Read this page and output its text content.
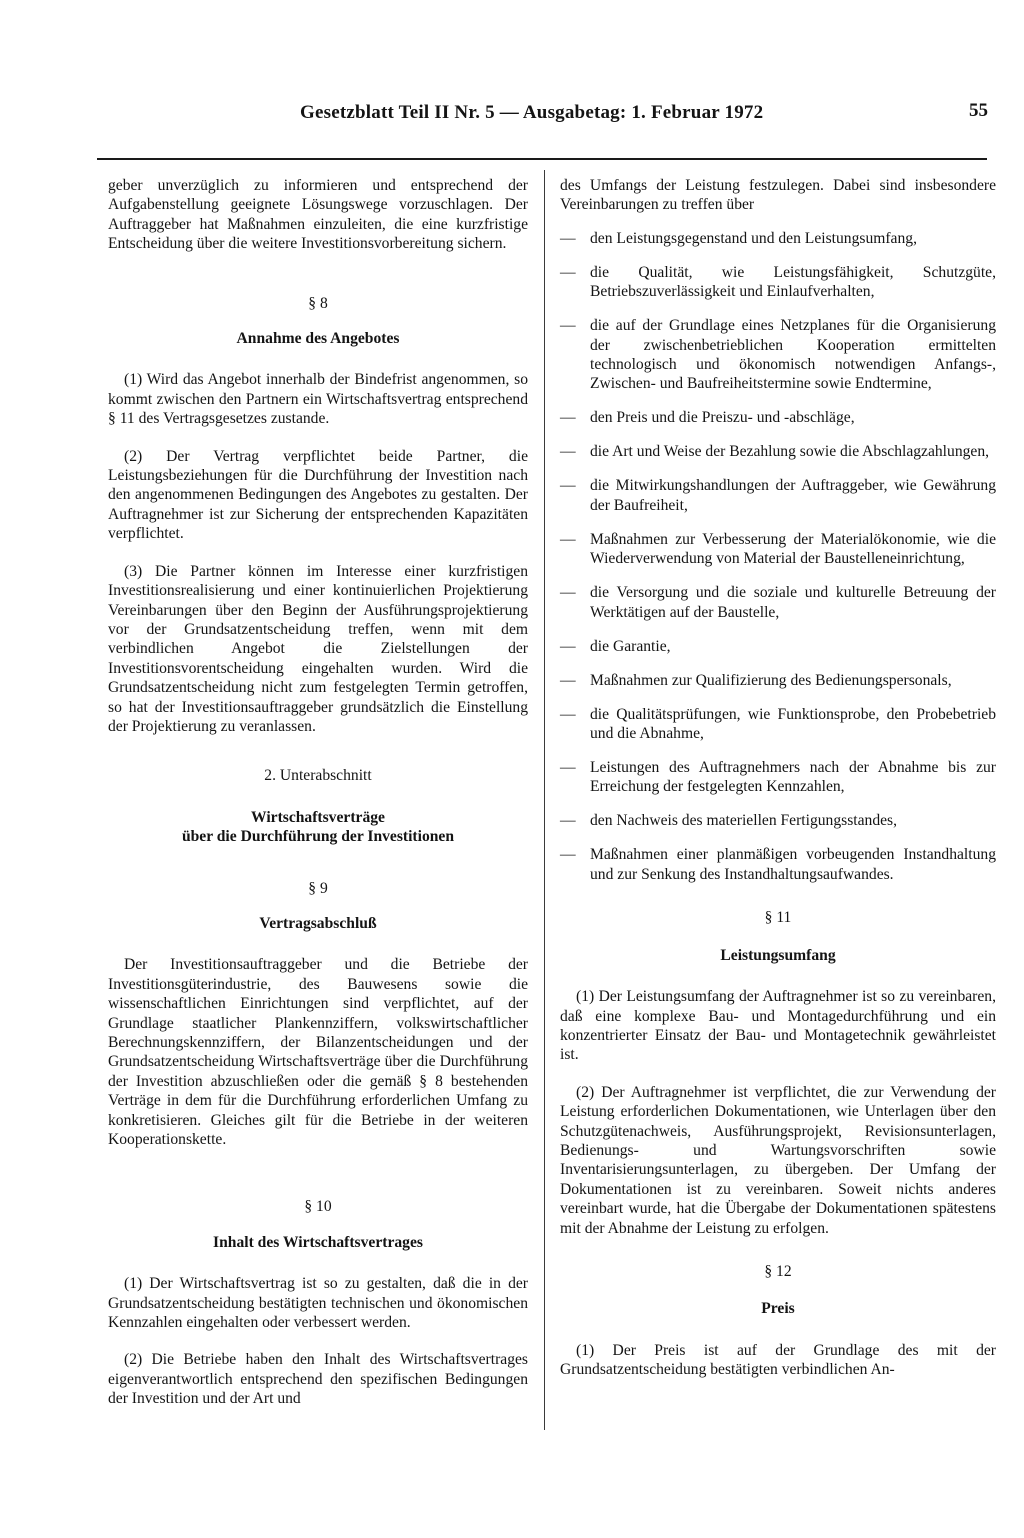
Gesetzblatt Teil II Nr. 5 — Ausgabetag: 1. Februar 1972	55

geber unverzüglich zu informieren und entsprechend der Aufgabenstellung geeignete Lösungswege vorzuschlagen. Der Auftraggeber hat Maßnahmen einzuleiten, die eine kurzfristige Entscheidung über die weitere Investitionsvorbereitung sichern.

§ 8

Annahme des Angebotes

(1) Wird das Angebot innerhalb der Bindefrist angenommen, so kommt zwischen den Partnern ein Wirtschaftsvertrag entsprechend § 11 des Vertragsgesetzes zustande.

(2) Der Vertrag verpflichtet beide Partner, die Leistungsbeziehungen für die Durchführung der Investition nach den angenommenen Bedingungen des Angebotes zu gestalten. Der Auftragnehmer ist zur Sicherung der entsprechenden Kapazitäten verpflichtet.

(3) Die Partner können im Interesse einer kurzfristigen Investitionsrealisierung und einer kontinuierlichen Projektierung Vereinbarungen über den Beginn der Ausführungsprojektierung vor der Grundsatzentscheidung treffen, wenn mit dem verbindlichen Angebot die Zielstellungen der Investitionsvorentscheidung eingehalten wurden. Wird die Grundsatzentscheidung nicht zum festgelegten Termin getroffen, so hat der Investitionsauftraggeber grundsätzlich die Einstellung der Projektierung zu veranlassen.

2. Unterabschnitt

Wirtschaftsverträge

über die Durchführung der Investitionen

§ 9

Vertragsabschluß

Der Investitionsauftraggeber und die Betriebe der Investitionsgüterindustrie, des Bauwesens sowie die wissenschaftlichen Einrichtungen sind verpflichtet, auf der Grundlage staatlicher Plankennziffern, volkswirtschaftlicher Berechnungskennziffern, der Bilanzentscheidungen und der Grundsatzentscheidung Wirtschaftsverträge über die Durchführung der Investition abzuschließen oder die gemäß § 8 bestehenden Verträge in dem für die Durchführung erforderlichen Umfang zu konkretisieren. Gleiches gilt für die Betriebe in der weiteren Kooperationskette.

§ 10

Inhalt des Wirtschaftsvertrages

(1) Der Wirtschaftsvertrag ist so zu gestalten, daß die in der Grundsatzentscheidung bestätigten technischen und ökonomischen Kennzahlen eingehalten oder verbessert werden.

(2) Die Betriebe haben den Inhalt des Wirtschaftsvertrages eigenverantwortlich entsprechend den spezifischen Bedingungen der Investition und der Art und

des Umfangs der Leistung festzulegen. Dabei sind insbesondere Vereinbarungen zu treffen über

— den Leistungsgegenstand und den Leistungsumfang,
— die Qualität, wie Leistungsfähigkeit, Schutzgüte, Betriebszuverlässigkeit und Einlaufverhalten,
— die auf der Grundlage eines Netzplanes für die Organisierung der zwischenbetrieblichen Kooperation ermittelten technologisch und ökonomisch notwendigen Anfangs-, Zwischen- und Baufreiheitstermine sowie Endtermine,
— den Preis und die Preiszu- und -abschläge,
— die Art und Weise der Bezahlung sowie die Abschlagzahlungen,
— die Mitwirkungshandlungen der Auftraggeber, wie Gewährung der Baufreiheit,
— Maßnahmen zur Verbesserung der Materialökonomie, wie die Wiederverwendung von Material der Baustelleneinrichtung,
— die Versorgung und die soziale und kulturelle Betreuung der Werktätigen auf der Baustelle,
— die Garantie,
— Maßnahmen zur Qualifizierung des Bedienungspersonals,
— die Qualitätsprüfungen, wie Funktionsprobe, den Probebetrieb und die Abnahme,
— Leistungen des Auftragnehmers nach der Abnahme bis zur Erreichung der festgelegten Kennzahlen,
— den Nachweis des materiellen Fertigungsstandes,
— Maßnahmen einer planmäßigen vorbeugenden Instandhaltung und zur Senkung des Instandhaltungsaufwandes.

§ 11

Leistungsumfang

(1) Der Leistungsumfang der Auftragnehmer ist so zu vereinbaren, daß eine komplexe Bau- und Montagedurchführung und ein konzentrierter Einsatz der Bau- und Montagetechnik gewährleistet ist.

(2) Der Auftragnehmer ist verpflichtet, die zur Verwendung der Leistung erforderlichen Dokumentationen, wie Unterlagen über den Schutzgütenachweis, Ausführungsprojekt, Revisionsunterlagen, Bedienungs- und Wartungsvorschriften sowie Inventarisierungsunterlagen, zu übergeben. Der Umfang der Dokumentationen ist zu vereinbaren. Soweit nichts anderes vereinbart wurde, hat die Übergabe der Dokumentationen spätestens mit der Abnahme der Leistung zu erfolgen.

§ 12

Preis

(1) Der Preis ist auf der Grundlage des mit der Grundsatzentscheidung bestätigten verbindlichen An-
